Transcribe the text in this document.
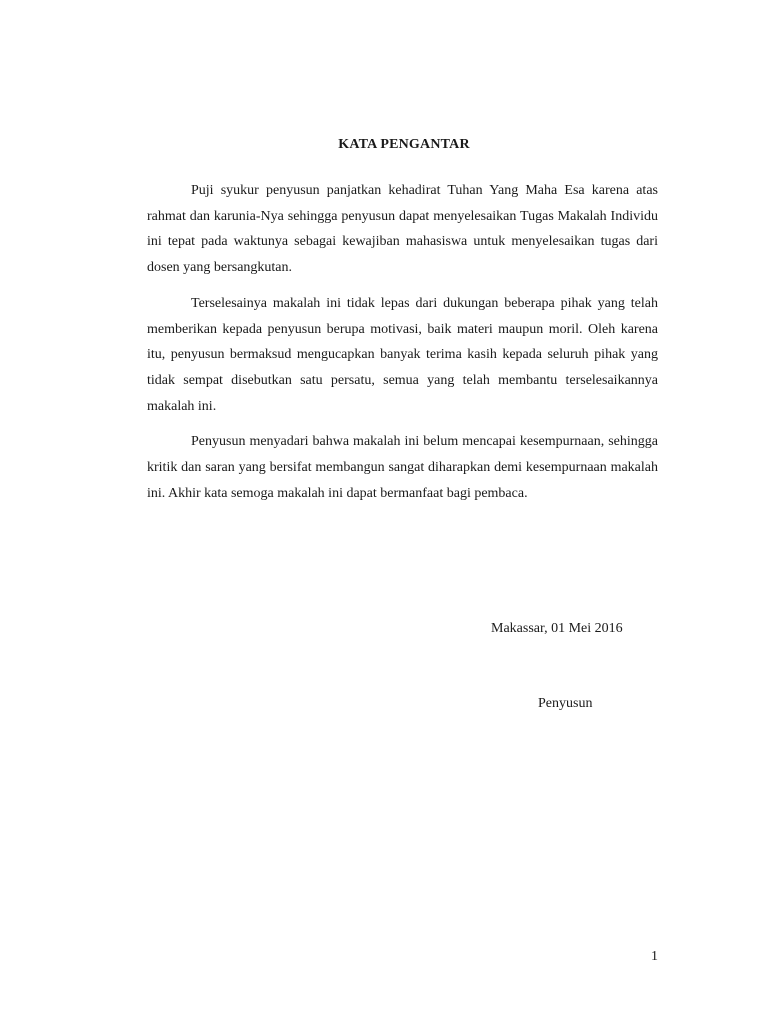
KATA PENGANTAR

Puji syukur penyusun panjatkan kehadirat Tuhan Yang Maha Esa karena atas rahmat dan karunia-Nya sehingga penyusun dapat menyelesaikan Tugas Makalah Individu ini tepat pada waktunya sebagai kewajiban mahasiswa untuk menyelesaikan tugas dari dosen yang bersangkutan.

Terselesainya makalah ini tidak lepas dari dukungan beberapa pihak yang telah memberikan kepada penyusun berupa motivasi, baik materi maupun moril. Oleh karena itu, penyusun bermaksud mengucapkan banyak terima kasih kepada seluruh pihak yang tidak sempat disebutkan satu persatu, semua yang telah membantu terselesaikannya makalah ini.

Penyusun menyadari bahwa makalah ini belum mencapai kesempurnaan, sehingga kritik dan saran yang bersifat membangun sangat diharapkan demi kesempurnaan makalah ini. Akhir kata semoga makalah ini dapat bermanfaat bagi pembaca.

Makassar, 01 Mei 2016
Penyusun
1
